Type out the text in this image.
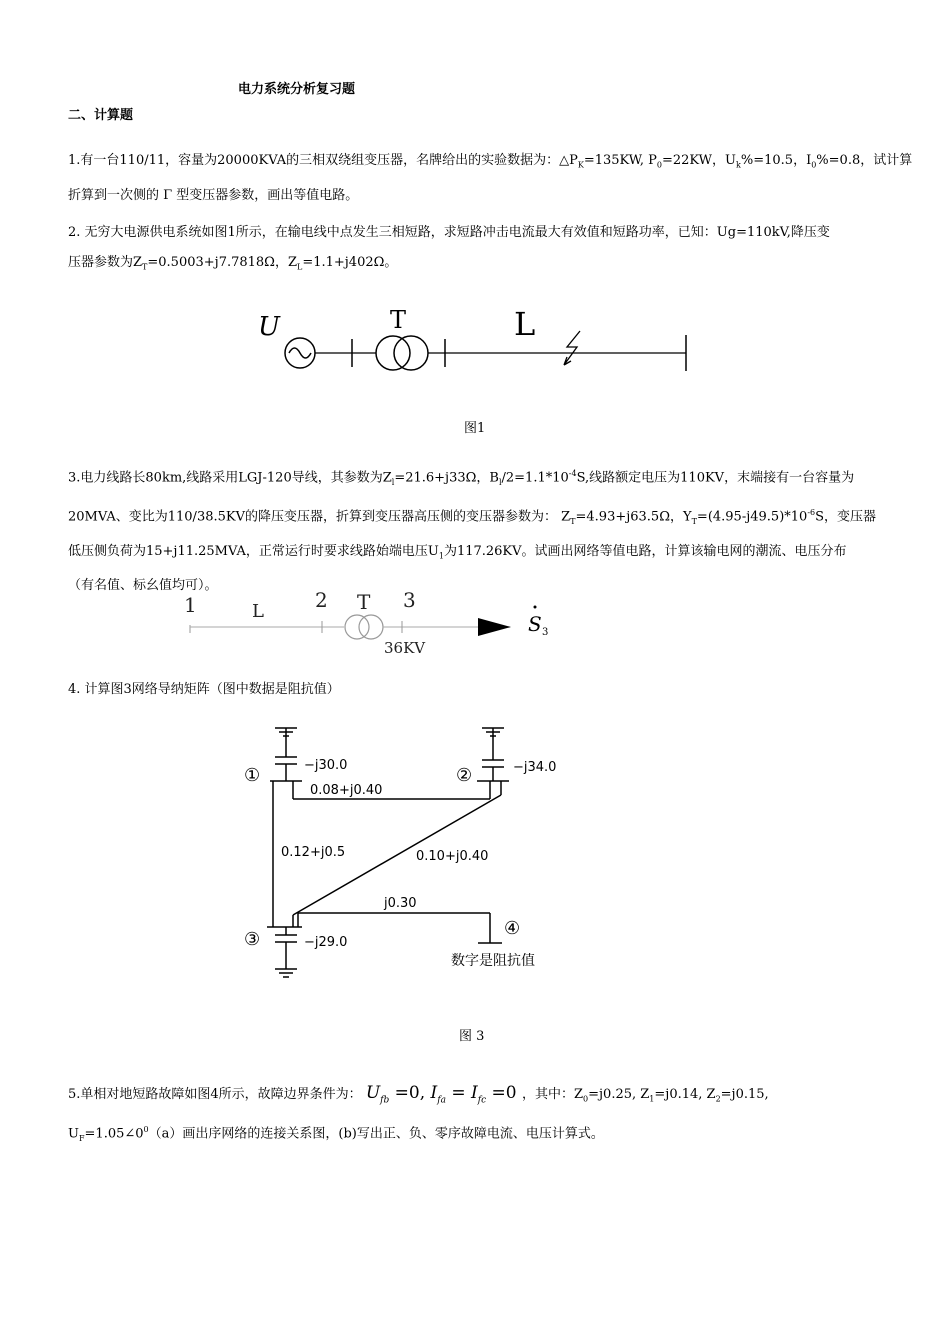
电力系统分析复习题
二、计算题
1.有一台110/11，容量为20000KVA的三相双绕组变压器，名牌给出的实验数据为：$\triangle P_K=135KW$, $P_0=22KW$，$U_k\%=10.5$，$I_0\%=0.8$，试计算
折算到一次侧的 Γ 型变压器参数，画出等值电路。
2. 无穷大电源供电系统如图1所示，在输电线中点发生三相短路，求短路冲击电流最大有效值和短路功率，已知：Ug=110kV,降压变
压器参数为$Z_T=0.5003+j7.7818\Omega$，$Z_L=1.1+j402\Omega$。
U	T	L
图1
3.电力线路长80km,线路采用LGJ-120导线，其参数为$Z_l=21.6+j33\Omega$，$B_l/2=1.1*10^{-4}S$,线路额定电压为110KV，末端接有一台容量为
20MVA、变比为110/38.5KV的降压变压器，折算到变压器高压侧的变压器参数为： $Z_T=4.93+j63.5\Omega$，$Y_T=(4.95-j49.5)*10^{-6}S$，变压器
低压侧负荷为15+j11.25MVA，正常运行时要求线路始端电压$U_1$为117.26KV。试画出网络等值电路，计算该输电网的潮流、电压分布
（有名值、标幺值均可）。
1	2	3
L	T
36KV
S 3
4. 计算图3网络导纳矩阵（图中数据是阻抗值）
①	②
③
④
−j30.0	−j34.0
−j29.0
0.08+j0.40
0.12+j0.5	0.10+j0.40
j0.30
数字是阻抗值
图 3
5.单相对地短路故障如图4所示，故障边界条件为： $U_{fb} =0$, $I_{fa} = I_{fc} =0$ ，其中：$Z_0=j0.25$, $Z_1=j0.14$, $Z_2=j0.15$,
$U_F=1.05\angle 0^0(a)$画出序网络的连接关系图，(b)写出正、负、零序故障电流、电压计算式。
